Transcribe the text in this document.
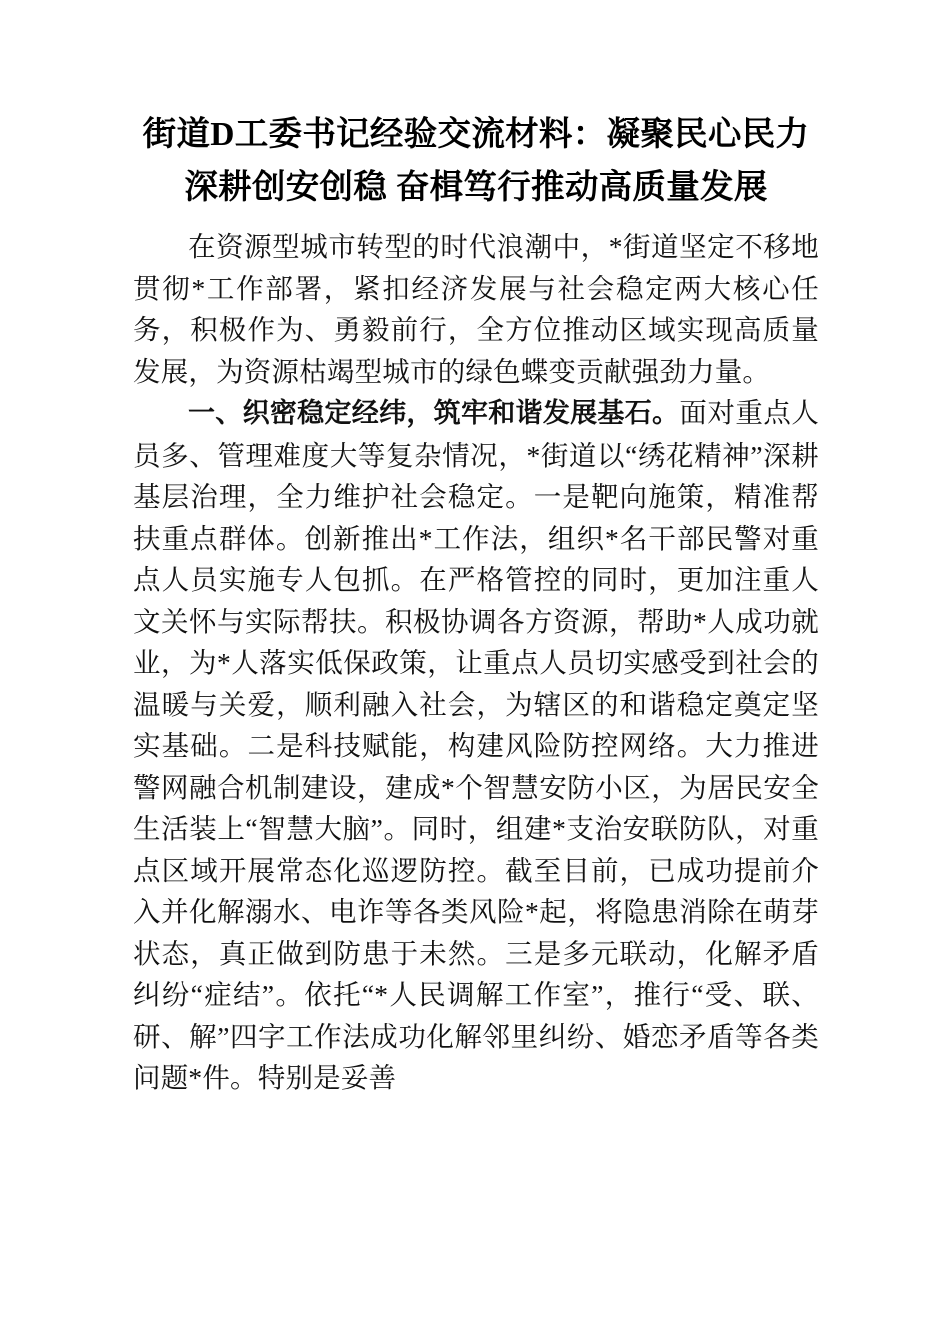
街道D工委书记经验交流材料：凝聚民心民力 深耕创安创稳 奋楫笃行推动高质量发展

在资源型城市转型的时代浪潮中，*街道坚定不移地贯彻*工作部署，紧扣经济发展与社会稳定两大核心任务，积极作为、勇毅前行，全方位推动区域实现高质量发展，为资源枯竭型城市的绿色蝶变贡献强劲力量。

一、织密稳定经纬，筑牢和谐发展基石。面对重点人员多、管理难度大等复杂情况，*街道以“绣花精神”深耕基层治理，全力维护社会稳定。一是靶向施策，精准帮扶重点群体。创新推出*工作法，组织*名干部民警对重点人员实施专人包抓。在严格管控的同时，更加注重人文关怀与实际帮扶。积极协调各方资源，帮助*人成功就业，为*人落实低保政策，让重点人员切实感受到社会的温暖与关爱，顺利融入社会，为辖区的和谐稳定奠定坚实基础。二是科技赋能，构建风险防控网络。大力推进警网融合机制建设，建成*个智慧安防小区，为居民安全生活装上“智慧大脑”。同时，组建*支治安联防队，对重点区域开展常态化巡逻防控。截至目前，已成功提前介入并化解溺水、电诈等各类风险*起，将隐患消除在萌芽状态，真正做到防患于未然。三是多元联动，化解矛盾纠纷“症结”。依托“*人民调解工作室”，推行“受、联、研、解”四字工作法成功化解邻里纠纷、婚恋矛盾等各类问题*件。特别是妥善
